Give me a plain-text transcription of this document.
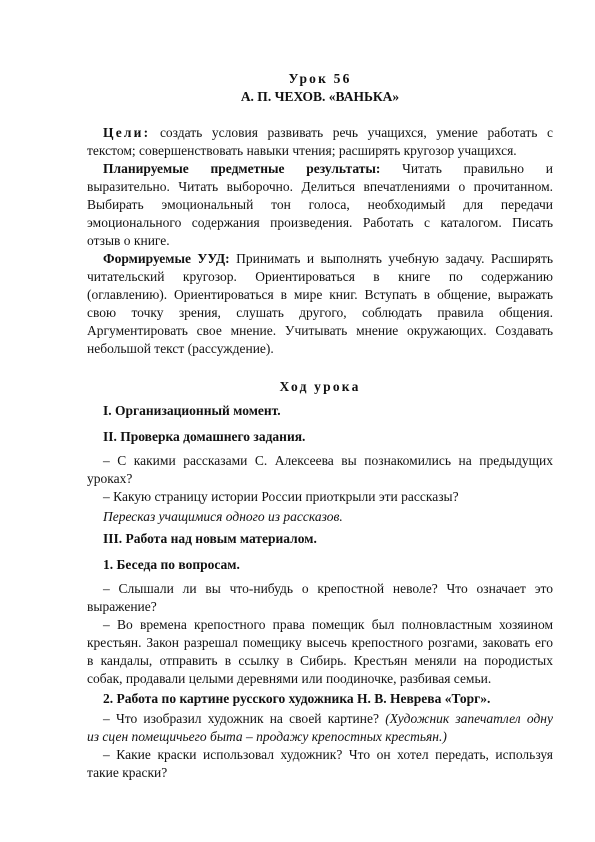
Урок 56
А. П. ЧЕХОВ. «ВАНЬКА»
Цели: создать условия развивать речь учащихся, умение работать с
текстом; совершенствовать навыки чтения; расширять кругозор учащихся.
Планируемые предметные результаты: Читать правильно и
выразительно. Читать выборочно. Делиться впечатлениями о прочитанном.
Выбирать эмоциональный тон голоса, необходимый для передачи
эмоционального содержания произведения. Работать с каталогом. Писать
отзыв о книге.
Формируемые УУД: Принимать и выполнять учебную задачу. Расширять
читательский кругозор. Ориентироваться в книге по содержанию
(оглавлению). Ориентироваться в мире книг. Вступать в общение, выражать
свою точку зрения, слушать другого, соблюдать правила общения.
Аргументировать свое мнение. Учитывать мнение окружающих. Создавать
небольшой текст (рассуждение).
Ход урока
I. Организационный момент.
II. Проверка домашнего задания.
– С какими рассказами С. Алексеева вы познакомились на предыдущих
уроках?
– Какую страницу истории России приоткрыли эти рассказы?
Пересказ учащимися одного из рассказов.
III. Работа над новым материалом.
1. Беседа по вопросам.
– Слышали ли вы что-нибудь о крепостной неволе? Что означает это
выражение?
– Во времена крепостного права помещик был полновластным хозяином
крестьян. Закон разрешал помещику высечь крепостного розгами, заковать его
в кандалы, отправить в ссылку в Сибирь. Крестьян меняли на породистых
собак, продавали целыми деревнями или поодиночке, разбивая семьи.
2. Работа по картине русского художника Н. В. Неврева «Торг».
– Что изобразил художник на своей картине? (Художник запечатлел одну
из сцен помещичьего быта – продажу крепостных крестьян.)
– Какие краски использовал художник? Что он хотел передать, используя
такие краски?
